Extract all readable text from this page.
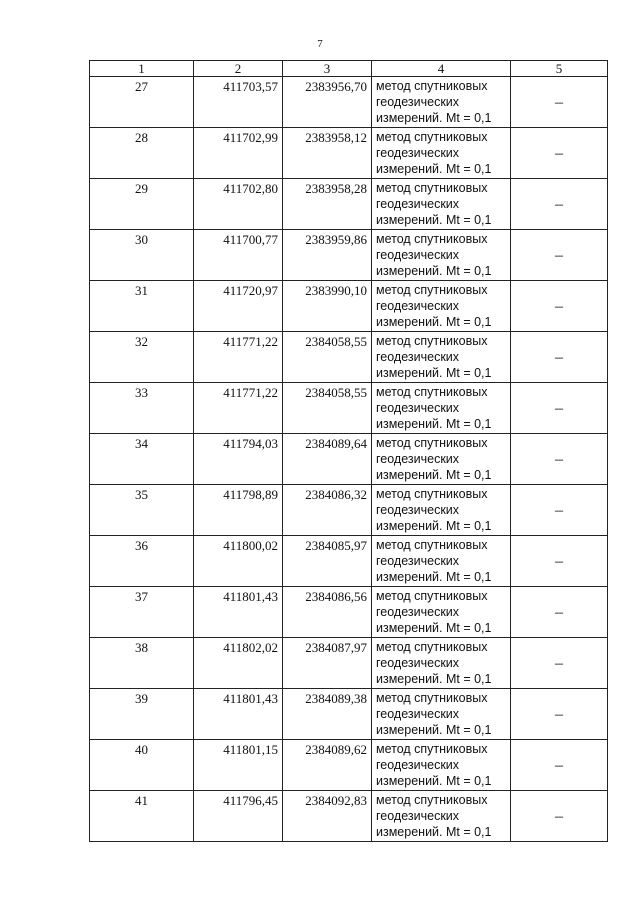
7
1	2	3	4	5
27	411703,57	2383956,70	метод спутниковых
геодезических
измерений. Mt = 0,1	–
28	411702,99	2383958,12	метод спутниковых
геодезических
измерений. Mt = 0,1	–
29	411702,80	2383958,28	метод спутниковых
геодезических
измерений. Mt = 0,1	–
30	411700,77	2383959,86	метод спутниковых
геодезических
измерений. Mt = 0,1	–
31	411720,97	2383990,10	метод спутниковых
геодезических
измерений. Mt = 0,1	–
32	411771,22	2384058,55	метод спутниковых
геодезических
измерений. Mt = 0,1	–
33	411771,22	2384058,55	метод спутниковых
геодезических
измерений. Mt = 0,1	–
34	411794,03	2384089,64	метод спутниковых
геодезических
измерений. Mt = 0,1	–
35	411798,89	2384086,32	метод спутниковых
геодезических
измерений. Mt = 0,1	–
36	411800,02	2384085,97	метод спутниковых
геодезических
измерений. Mt = 0,1	–
37	411801,43	2384086,56	метод спутниковых
геодезических
измерений. Mt = 0,1	–
38	411802,02	2384087,97	метод спутниковых
геодезических
измерений. Mt = 0,1	–
39	411801,43	2384089,38	метод спутниковых
геодезических
измерений. Mt = 0,1	–
40	411801,15	2384089,62	метод спутниковых
геодезических
измерений. Mt = 0,1	–
41	411796,45	2384092,83	метод спутниковых
геодезических
измерений. Mt = 0,1	–
